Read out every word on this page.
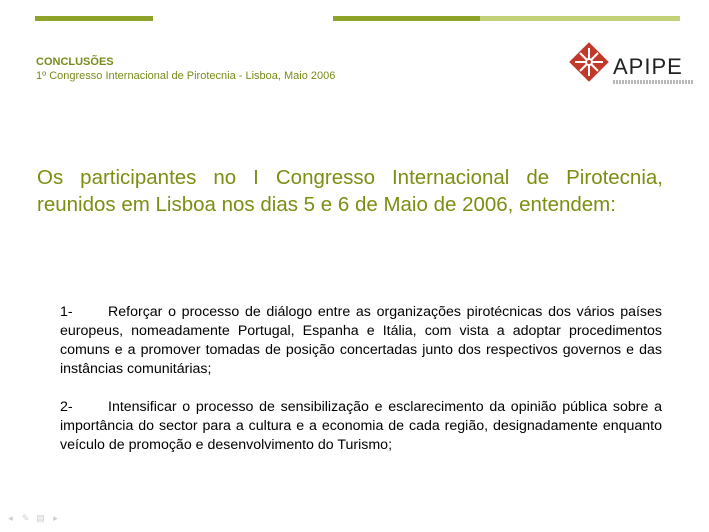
CONCLUSÕES
1º Congresso Internacional de Pirotecnia - Lisboa, Maio 2006	APIPE
Os participantes no I Congresso Internacional de Pirotecnia, reunidos em Lisboa nos dias 5 e 6 de Maio de 2006, entendem:
1- Reforçar o processo de diálogo entre as organizações pirotécnicas dos vários países europeus, nomeadamente Portugal, Espanha e Itália, com vista a adoptar procedimentos comuns e a promover tomadas de posição concertadas junto dos respectivos governos e das instâncias comunitárias;
2- Intensificar o processo de sensibilização e esclarecimento da opinião pública sobre a importância do sector para a cultura e a economia de cada região, designadamente enquanto veículo de promoção e desenvolvimento do Turismo;
◂ ✎ ▤ ▸
